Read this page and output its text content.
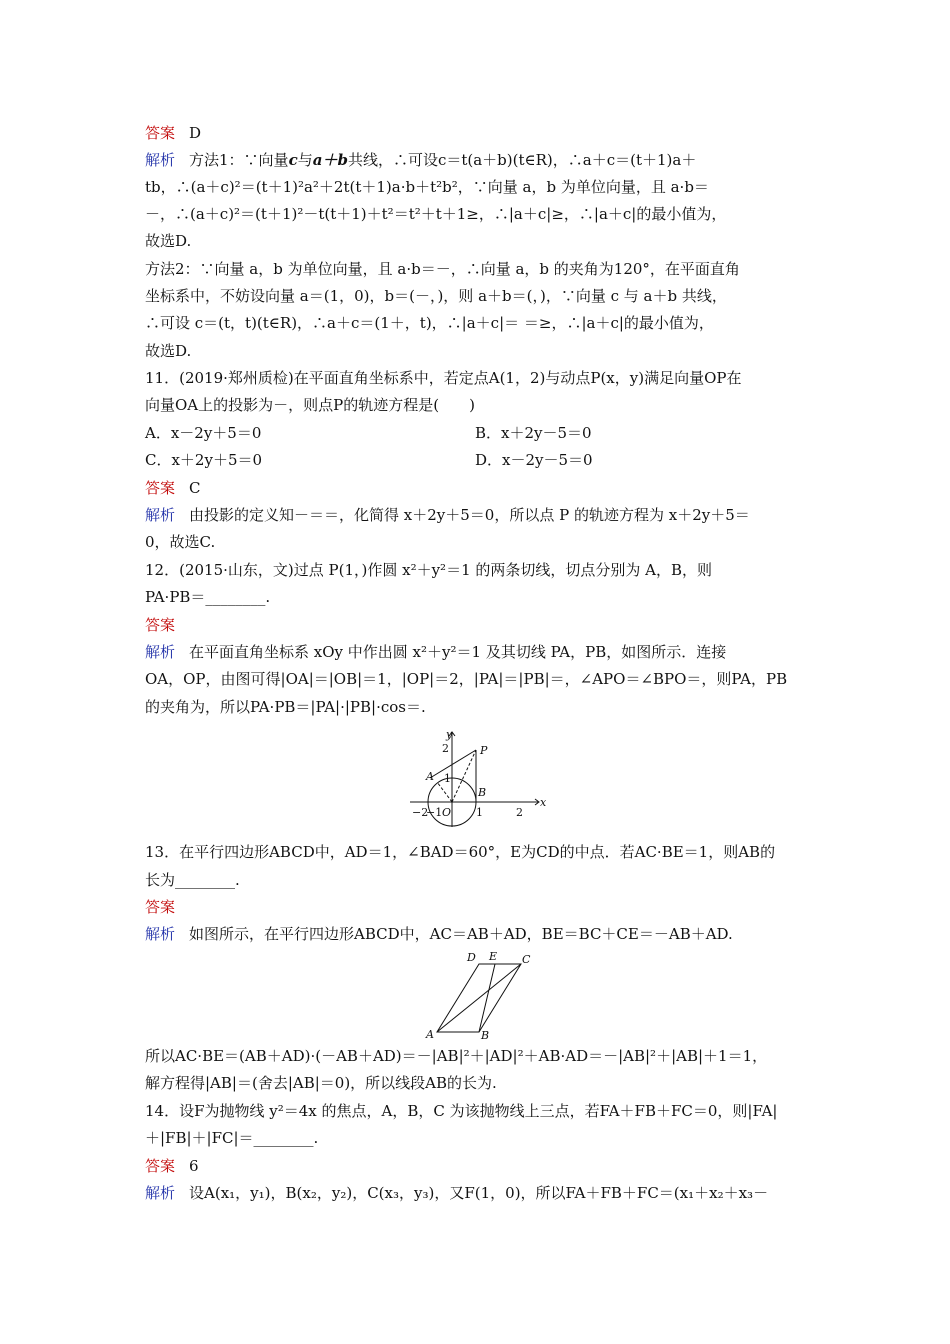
答案 D
解析 方法1：∵向量c与a＋b共线，∴可设c＝t(a＋b)(t∈R)，∴a＋c＝(t＋1)a＋
tb，∴(a＋c)²＝(t＋1)²a²＋2t(t＋1)a·b＋t²b²，∵向量 a，b 为单位向量，且 a·b＝
－，∴(a＋c)²＝(t＋1)²－t(t＋1)＋t²＝t²＋t＋1≥，∴|a＋c|≥，∴|a＋c|的最小值为，
故选D.
方法2：∵向量 a，b 为单位向量，且 a·b＝－，∴向量 a，b 的夹角为120°，在平面直角
坐标系中，不妨设向量 a＝(1，0)，b＝(－，)，则 a＋b＝(，)，∵向量 c 与 a＋b 共线，
∴可设 c＝(t，t)(t∈R)，∴a＋c＝(1＋，t)，∴|a＋c|＝ ＝≥，∴|a＋c|的最小值为，
故选D.
11．(2019·郑州质检)在平面直角坐标系中，若定点A(1，2)与动点P(x，y)满足向量OP在
向量OA上的投影为－，则点P的轨迹方程是(　　)
A．x－2y＋5＝0	B．x＋2y－5＝0
C．x＋2y＋5＝0	D．x－2y－5＝0
答案 C
解析 由投影的定义知－＝＝，化简得 x＋2y＋5＝0，所以点 P 的轨迹方程为 x＋2y＋5＝
0，故选C.
12．(2015·山东，文)过点 P(1，)作圆 x²＋y²＝1 的两条切线，切点分别为 A，B，则
PA·PB＝________.
答案
解析 在平面直角坐标系 xOy 中作出圆 x²＋y²＝1 及其切线 PA，PB，如图所示．连接
OA，OP，由图可得|OA|＝|OB|＝1，|OP|＝2，|PA|＝|PB|＝，∠APO＝∠BPO＝，则PA，PB
的夹角为，所以PA·PB＝|PA|·|PB|·cos＝.
y
2	P
A 1
B
O
−2
−1	1	2
x
13．在平行四边形ABCD中，AD＝1，∠BAD＝60°，E为CD的中点．若AC·BE＝1，则AB的
长为________.
答案
解析 如图所示，在平行四边形ABCD中，AC＝AB＋AD，BE＝BC＋CE＝－AB＋AD.
D E C
A	B
所以AC·BE＝(AB＋AD)·(－AB＋AD)＝－|AB|²＋|AD|²＋AB·AD＝－|AB|²＋|AB|＋1＝1，
解方程得|AB|＝(舍去|AB|＝0)，所以线段AB的长为.
14．设F为抛物线 y²＝4x 的焦点，A，B，C 为该抛物线上三点，若FA＋FB＋FC＝0，则|FA|
＋|FB|＋|FC|＝________.
答案 6
解析 设A(x₁，y₁)，B(x₂，y₂)，C(x₃，y₃)，又F(1，0)，所以FA＋FB＋FC＝(x₁＋x₂＋x₃－
